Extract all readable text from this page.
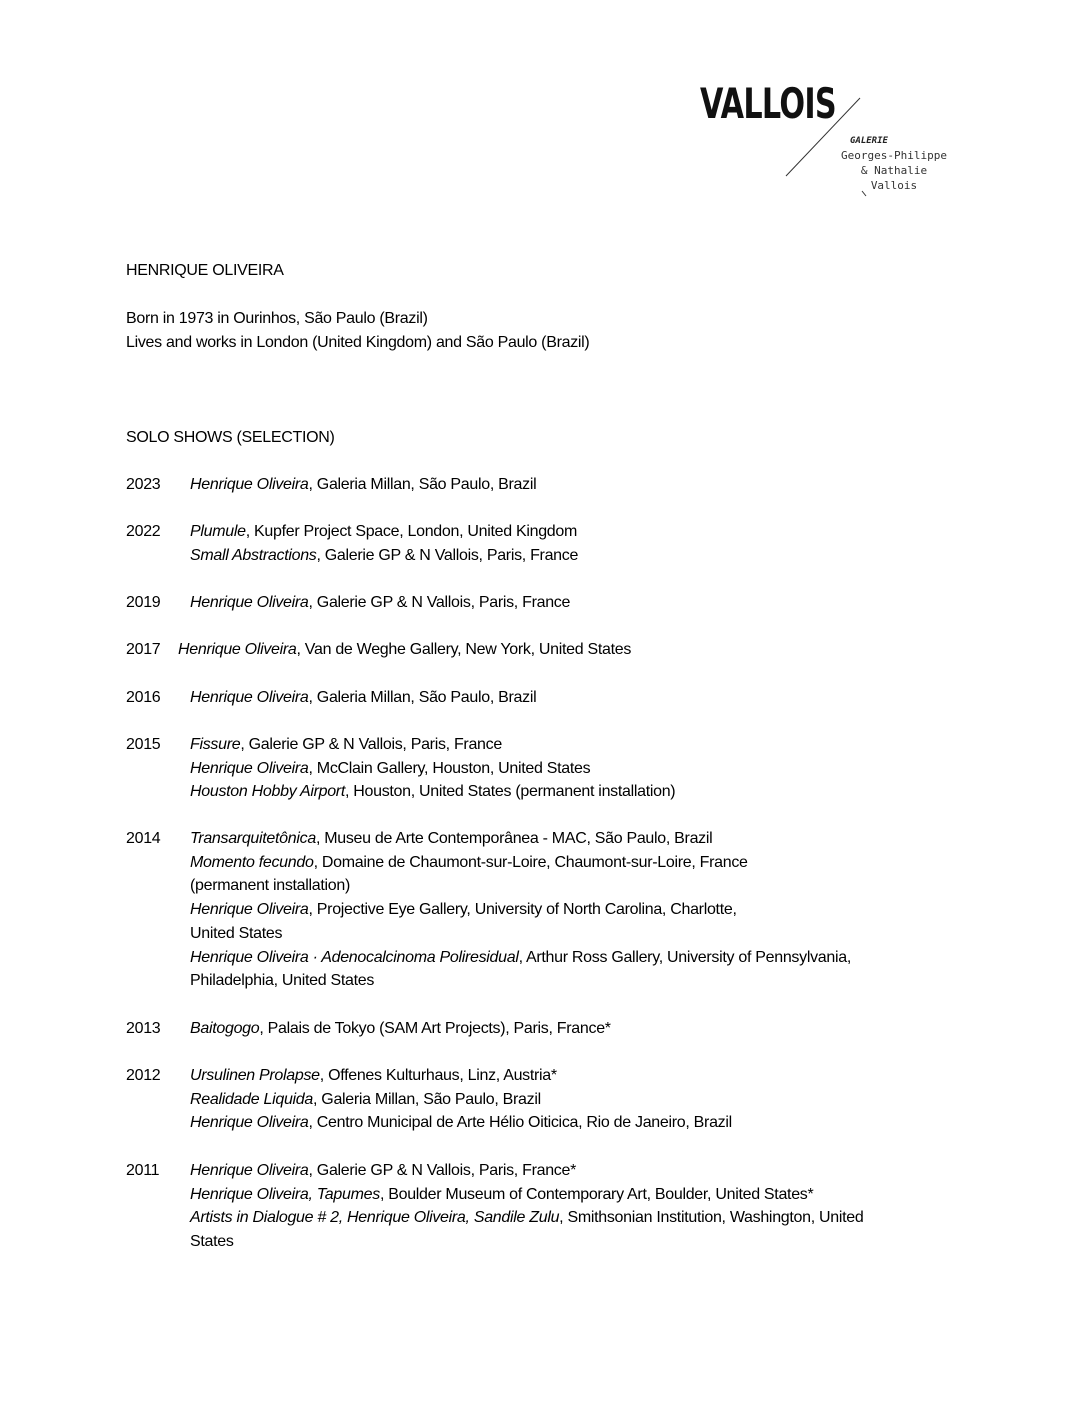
VALLOIS
GALERIE
Georges-Philippe
& Nathalie
Vallois
HENRIQUE OLIVEIRA
Born in 1973 in Ourinhos, São Paulo (Brazil)
Lives and works in London (United Kingdom) and São Paulo (Brazil)
SOLO SHOWS (SELECTION)
2023 Henrique Oliveira, Galeria Millan, São Paulo, Brazil
2022 Plumule, Kupfer Project Space, London, United Kingdom
Small Abstractions, Galerie GP & N Vallois, Paris, France
2019 Henrique Oliveira, Galerie GP & N Vallois, Paris, France
2017 Henrique Oliveira, Van de Weghe Gallery, New York, United States
2016 Henrique Oliveira, Galeria Millan, São Paulo, Brazil
2015 Fissure, Galerie GP & N Vallois, Paris, France
Henrique Oliveira, McClain Gallery, Houston, United States
Houston Hobby Airport, Houston, United States (permanent installation)
2014 Transarquitetônica, Museu de Arte Contemporânea - MAC, São Paulo, Brazil
Momento fecundo, Domaine de Chaumont-sur-Loire, Chaumont-sur-Loire, France
(permanent installation)
Henrique Oliveira, Projective Eye Gallery, University of North Carolina, Charlotte,
United States
Henrique Oliveira · Adenocalcinoma Poliresidual, Arthur Ross Gallery, University of Pennsylvania,
Philadelphia, United States
2013 Baitogogo, Palais de Tokyo (SAM Art Projects), Paris, France*
2012 Ursulinen Prolapse, Offenes Kulturhaus, Linz, Austria*
Realidade Liquida, Galeria Millan, São Paulo, Brazil
Henrique Oliveira, Centro Municipal de Arte Hélio Oiticica, Rio de Janeiro, Brazil
2011 Henrique Oliveira, Galerie GP & N Vallois, Paris, France*
Henrique Oliveira, Tapumes, Boulder Museum of Contemporary Art, Boulder, United States*
Artists in Dialogue # 2, Henrique Oliveira, Sandile Zulu, Smithsonian Institution, Washington, United
States
